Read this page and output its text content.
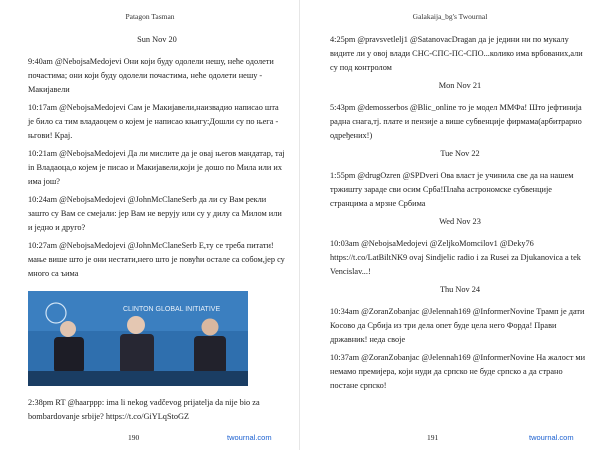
Patagon Tasman
Sun Nov 20
9:40am @NebojsaMedojevi Oни који буду одолели нешу, неће одолети почастима; они који буду одолели почастима, неће одолети нешу - Макијавели
10:17am @NebojsaMedojevi Сам је Макијавели,наизвадио написао шта је било са тим владаоцем о којем је написао књигу:Дошли су по њега - њгови! Крај.
10:21am @NebojsaMedojevi Да ли мислите да је овај његов мандатар, тај in Владаоца,о којем је писао и Макијавели,који је дошо по Мила или их има још?
10:24am @NebojsaMedojevi @JohnMcClaneSerb да ли су Вам рекли зашто су Вам се смејали: јер Вам не верују или су у дилу са Милом или и једно и друго?
10:27am @NebojsaMedojevi @JohnMcClaneSerb Е,ту се треба питати! мање више што је они нестати,него што је повући остале са собом,јер су много са ъима
CLINTON GLOBAL INITIATIVE
2:38pm RT @haarppp: ima li nekog vadčevog prijatelja da nije bio za bombardovanje srbije? https://t.co/GiYLqStoGZ
190	twournal.com
Galakaija_bg's Twournal
4:25pm @pravsvetlelj1 @SatanovacDragan да је једини ни по мукалу видите ли у овој влади СНС-СПС-ПС-СПО...колико има врбованих,али су под контролом
Mon Nov 21
5:43pm @demosserbos @Blic_online то је модел ММФа! Што јефтинија радна снага,тј. плате и пензије а више субвенције фирмама(арбитрарно одређених!)
Tue Nov 22
1:55pm @drugOzren @SPDveri Ова власт је учинила све да на нашем тржишту зараде сви осим Срба!Плаћа астрономске субвенције странцима а мрзне Србима
Wed Nov 23
10:03am @NebojsaMedojevi @ZeljkoMomcilov1 @Deky76 https://t.co/LatBiltNK9 ovaj Sindjelic radio i za Rusei za Djukanovica a tek Vencislav...!
Thu Nov 24
10:34am @ZoranZobanjac @Jelennah169 @InformerNovine Трамп је дати Косово да Србија из три дела опет буде цела него Форда! Прави државник! неда своје
10:37am @ZoranZobanjac @Jelennah169 @InformerNovine На жалост ми немамо премијера, који нуди да српско не буде српско а да страно постане српско!
191	twournal.com
